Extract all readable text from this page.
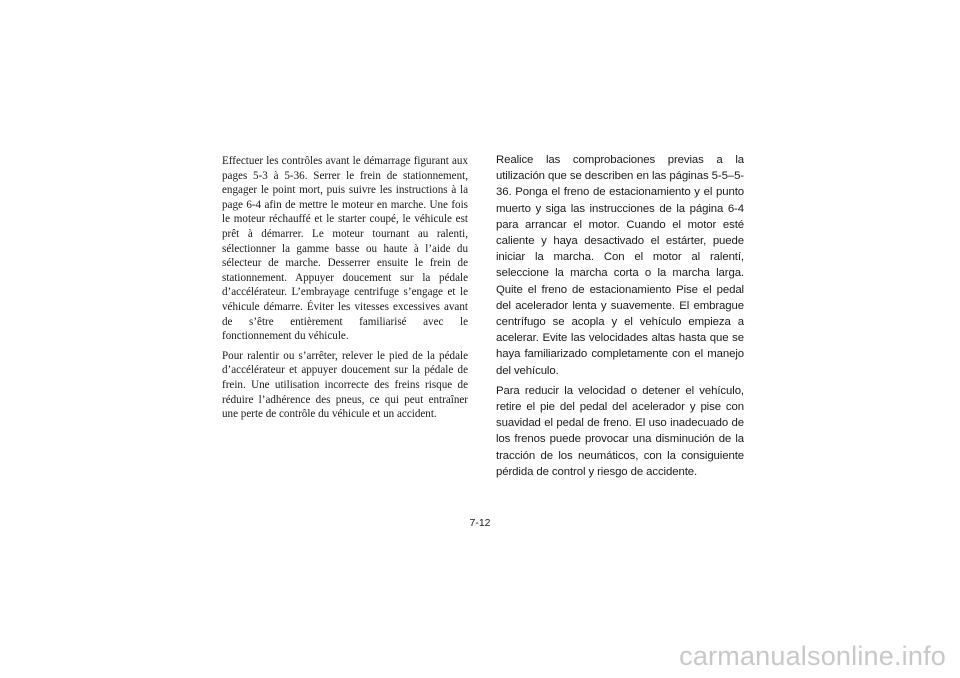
Effectuer les contrôles avant le démarrage figurant aux pages 5-3 à 5-36. Serrer le frein de stationnement, engager le point mort, puis suivre les instructions à la page 6-4 afin de mettre le moteur en marche. Une fois le moteur réchauffé et le starter coupé, le véhicule est prêt à démarrer. Le moteur tournant au ralenti, sélectionner la gamme basse ou haute à l’aide du sélecteur de marche. Desserrer ensuite le frein de stationnement. Appuyer doucement sur la pédale d’accélérateur. L’embrayage centrifuge s’engage et le véhicule démarre. Éviter les vitesses excessives avant de s’être entièrement familiarisé avec le fonctionnement du véhicule.

Pour ralentir ou s’arrêter, relever le pied de la pédale d’accélérateur et appuyer doucement sur la pédale de frein. Une utilisation incorrecte des freins risque de réduire l’adhérence des pneus, ce qui peut entraîner une perte de contrôle du véhicule et un accident.

Realice las comprobaciones previas a la utilización que se describen en las páginas 5-5–5-36. Ponga el freno de estacionamiento y el punto muerto y siga las instrucciones de la página 6-4 para arrancar el motor. Cuando el motor esté caliente y haya desactivado el estárter, puede iniciar la marcha. Con el motor al ralentí, seleccione la marcha corta o la marcha larga. Quite el freno de estacionamiento Pise el pedal del acelerador lenta y suavemente. El embrague centrífugo se acopla y el vehículo empieza a acelerar. Evite las velocidades altas hasta que se haya familiarizado completamente con el manejo del vehículo.

Para reducir la velocidad o detener el vehículo, retire el pie del pedal del acelerador y pise con suavidad el pedal de freno. El uso inadecuado de los frenos puede provocar una disminución de la tracción de los neumáticos, con la consiguiente pérdida de control y riesgo de accidente.

7-12
carmanualsonline.info
